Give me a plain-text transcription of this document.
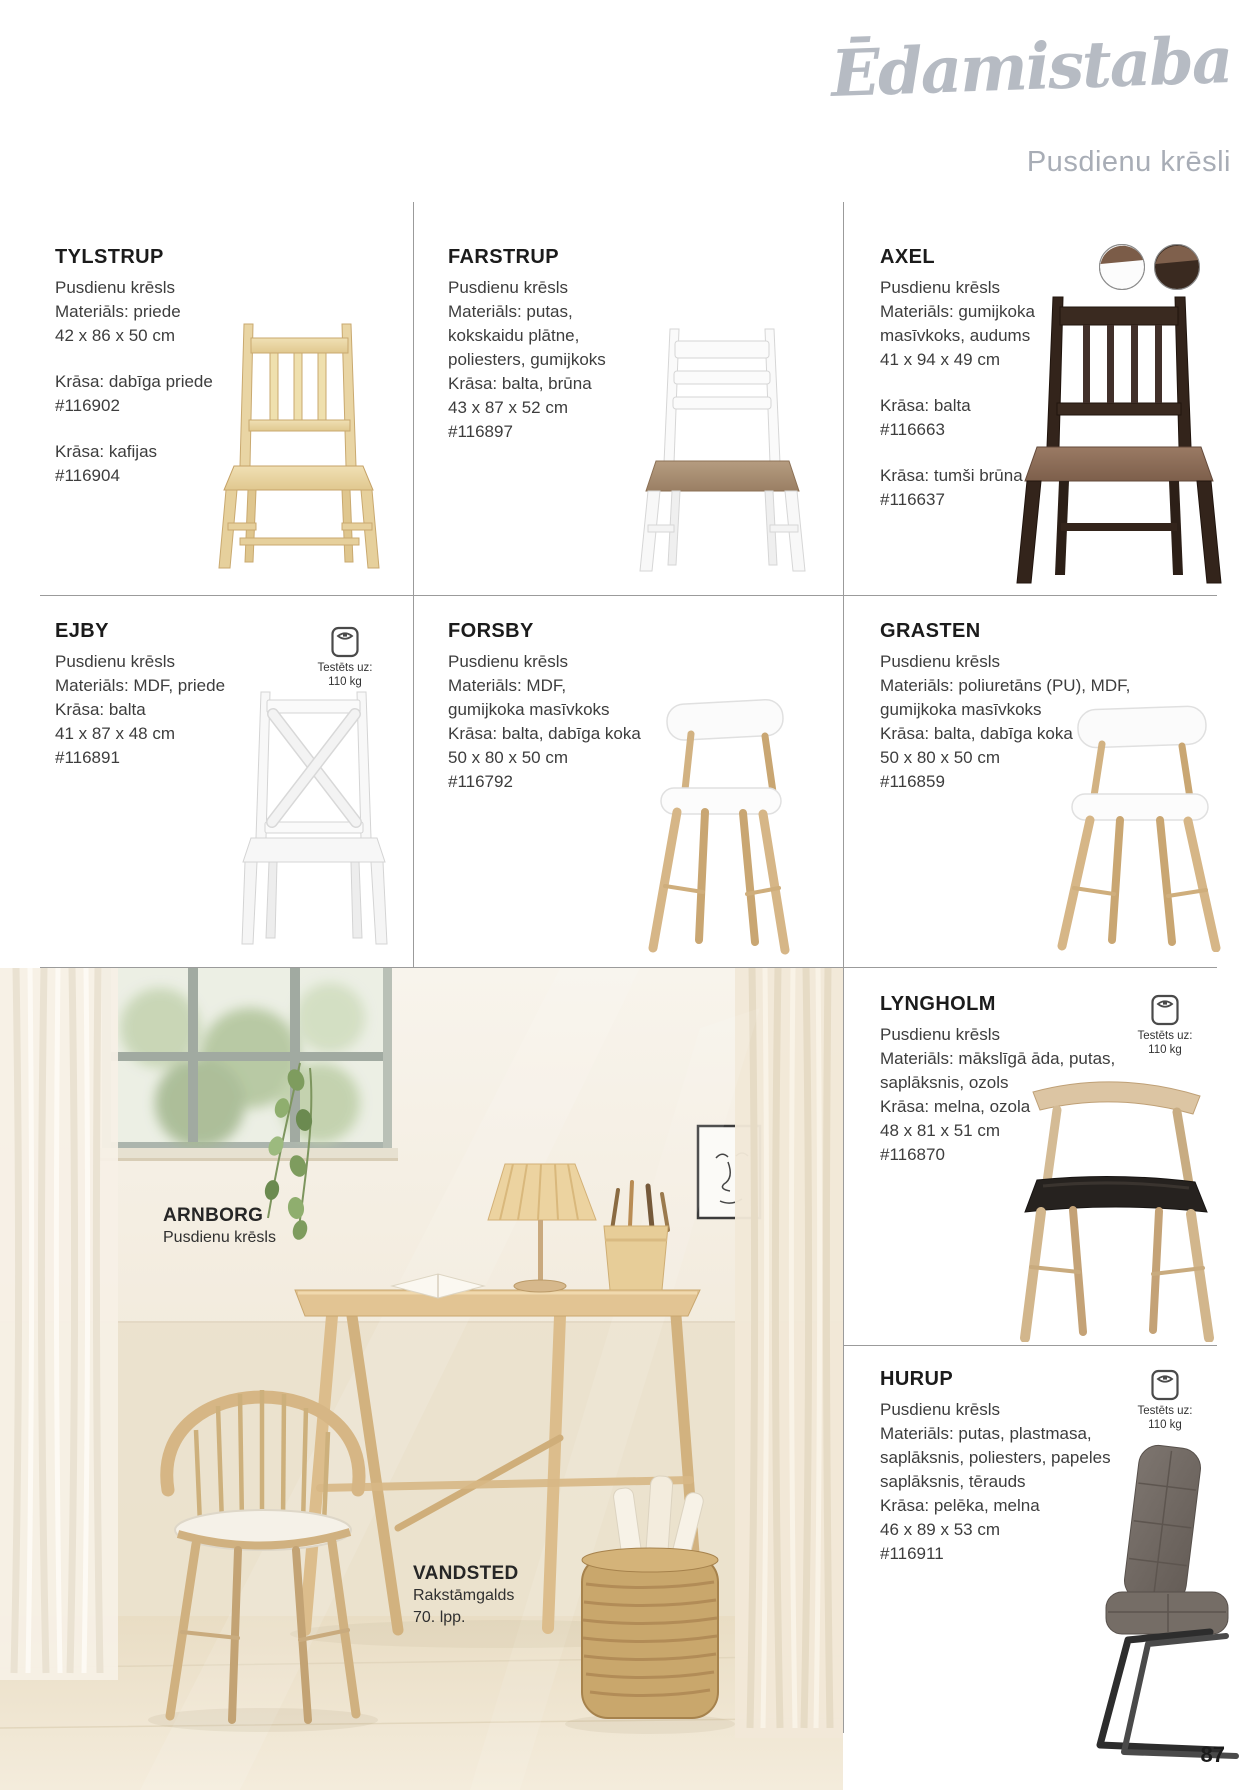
Ēdamistaba
Pusdienu krēsli
TYLSTRUP
Pusdienu krēsls
Materiāls: priede
42 x 86 x 50 cm
Krāsa: dabīga priede
#116902
Krāsa: kafijas
#116904
FARSTRUP
Pusdienu krēsls
Materiāls: putas,
kokskaidu plātne,
poliesters, gumijkoks
Krāsa: balta, brūna
43 x 87 x 52 cm
#116897
AXEL
Pusdienu krēsls
Materiāls: gumijkoka
masīvkoks, audums
41 x 94 x 49 cm
Krāsa: balta
#116663
Krāsa: tumši brūna
#116637
EJBY
Pusdienu krēsls
Materiāls: MDF, priede
Krāsa: balta
41 x 87 x 48 cm
#116891
Testēts uz:
110 kg
FORSBY
Pusdienu krēsls
Materiāls: MDF,
gumijkoka masīvkoks
Krāsa: balta, dabīga koka
50 x 80 x 50 cm
#116792
GRASTEN
Pusdienu krēsls
Materiāls: poliuretāns (PU), MDF,
gumijkoka masīvkoks
Krāsa: balta, dabīga koka
50 x 80 x 50 cm
#116859
LYNGHOLM
Pusdienu krēsls
Materiāls: mākslīgā āda, putas,
saplāksnis, ozols
Krāsa: melna, ozola
48 x 81 x 51 cm
#116870
Testēts uz:
110 kg
HURUP
Pusdienu krēsls
Materiāls: putas, plastmasa,
saplāksnis, poliesters, papeles
saplāksnis, tērauds
Krāsa: pelēka, melna
46 x 89 x 53 cm
#116911
Testēts uz:
110 kg
ARNBORG
Pusdienu krēsls
VANDSTED
Rakstāmgalds
70. lpp.
87
